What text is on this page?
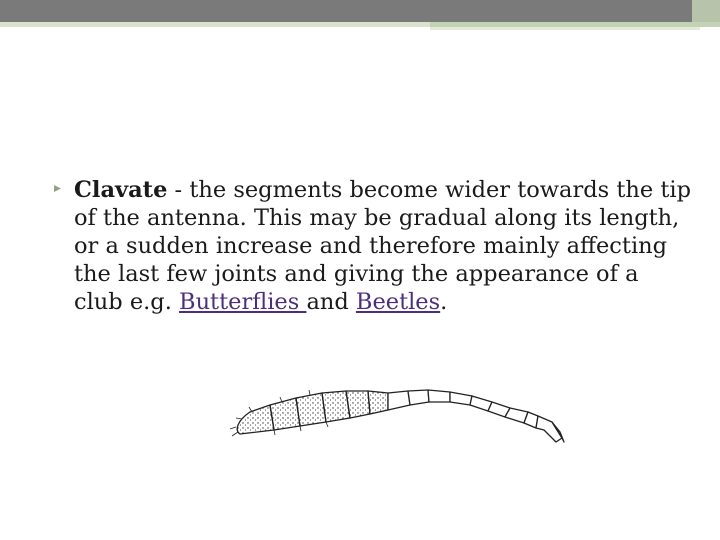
Clavate - the segments become wider towards the tip of the antenna. This may be gradual along its length, or a sudden increase and therefore mainly affecting the last few joints and giving the appearance of a club e.g. Butterflies and Beetles.
